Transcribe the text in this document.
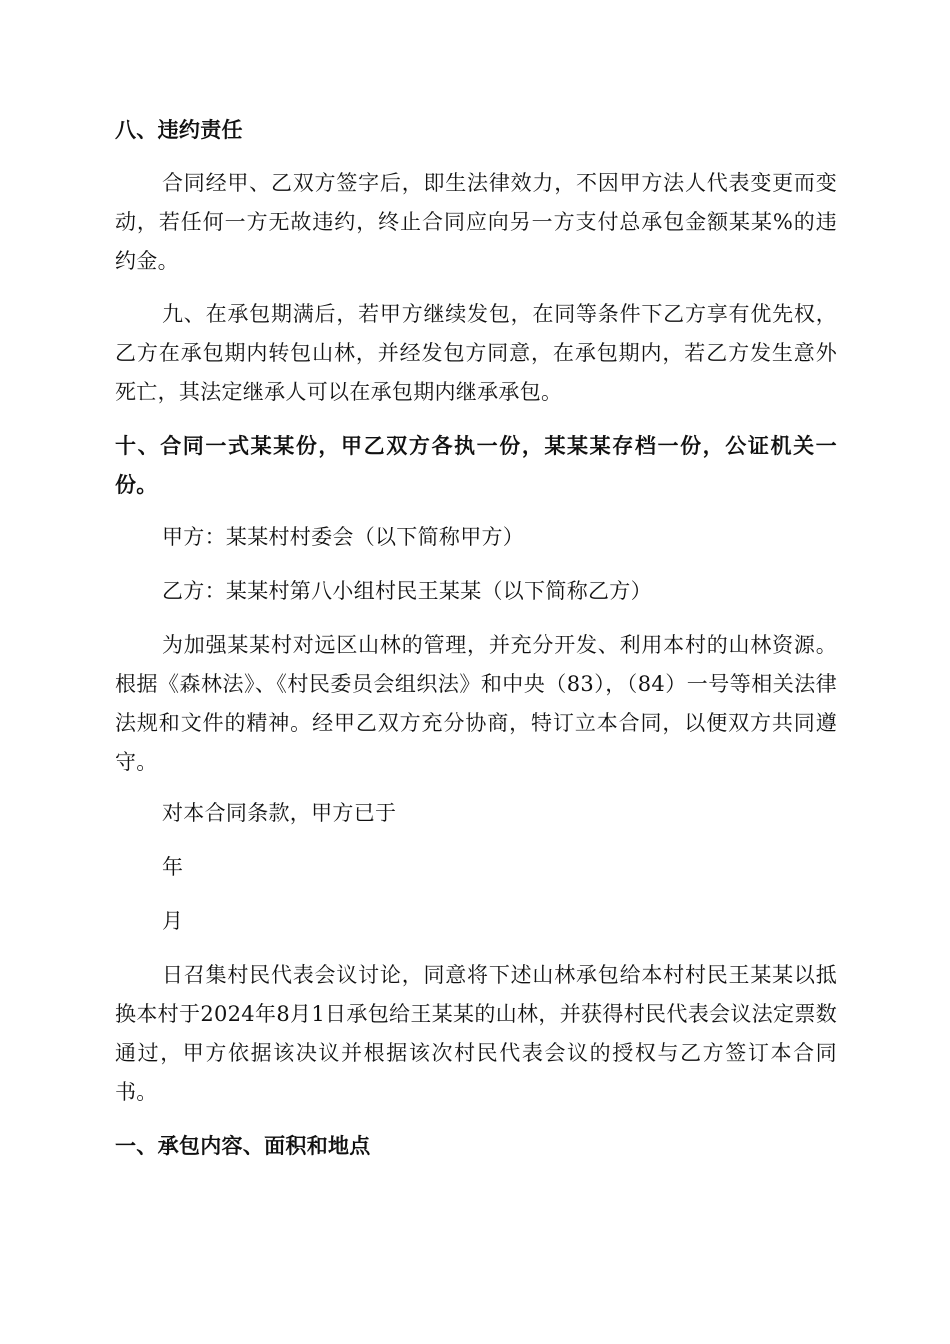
八、违约责任

合同经甲、乙双方签字后，即生法律效力，不因甲方法人代表变更而变动，若任何一方无故违约，终止合同应向另一方支付总承包金额某某%的违约金。

九、在承包期满后，若甲方继续发包，在同等条件下乙方享有优先权，乙方在承包期内转包山林，并经发包方同意，在承包期内，若乙方发生意外死亡，其法定继承人可以在承包期内继承承包。

十、合同一式某某份，甲乙双方各执一份，某某某存档一份，公证机关一份。

甲方：某某村村委会（以下简称甲方）

乙方：某某村第八小组村民王某某（以下简称乙方）

为加强某某村对远区山林的管理，并充分开发、利用本村的山林资源。根据《森林法》、《村民委员会组织法》和中央（83），（84）一号等相关法律法规和文件的精神。经甲乙双方充分协商，特订立本合同，以便双方共同遵守。

对本合同条款，甲方已于

年

月

日召集村民代表会议讨论，同意将下述山林承包给本村村民王某某以抵换本村于2024年8月1日承包给王某某的山林，并获得村民代表会议法定票数通过，甲方依据该决议并根据该次村民代表会议的授权与乙方签订本合同书。

一、承包内容、面积和地点
